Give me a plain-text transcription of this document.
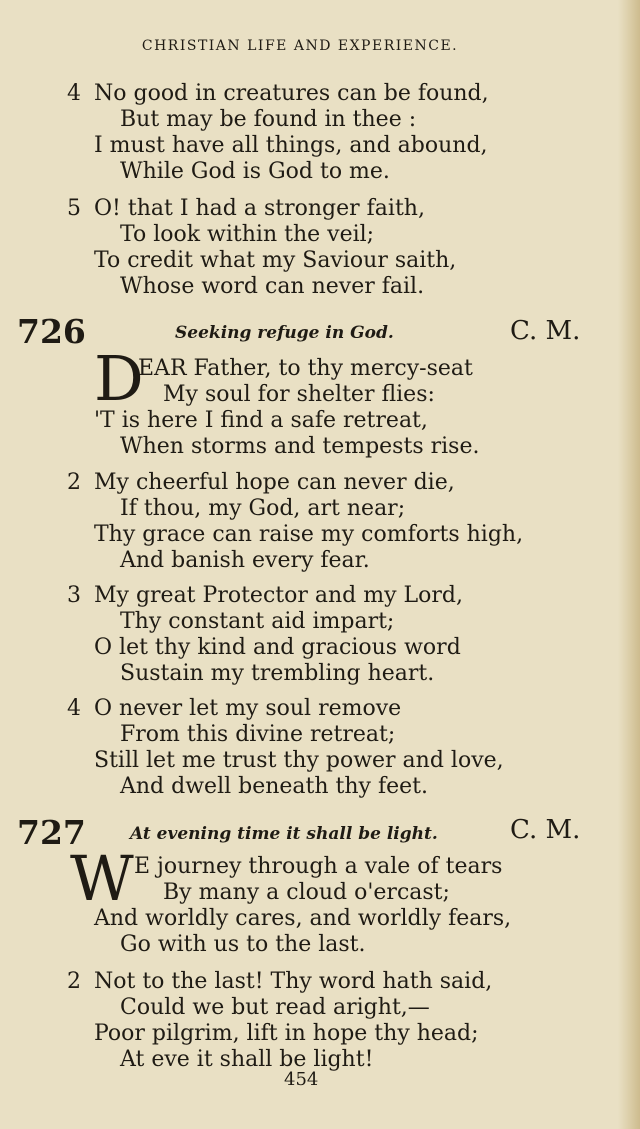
CHRISTIAN LIFE AND EXPERIENCE.
4 No good in creatures can be found,
But may be found in thee :
I must have all things, and abound,
While God is God to me.
5 O! that I had a stronger faith,
To look within the veil;
To credit what my Saviour saith,
Whose word can never fail.
726	Seeking refuge in God.	C. M.
D
EAR Father, to thy mercy-seat
My soul for shelter flies:
'T is here I find a safe retreat,
When storms and tempests rise.
2 My cheerful hope can never die,
If thou, my God, art near;
Thy grace can raise my comforts high,
And banish every fear.
3 My great Protector and my Lord,
Thy constant aid impart;
O let thy kind and gracious word
Sustain my trembling heart.
4 O never let my soul remove
From this divine retreat;
Still let me trust thy power and love,
And dwell beneath thy feet.
727	At evening time it shall be light.	C. M.
W E journey through a vale of tears
By many a cloud o'ercast;
And worldly cares, and worldly fears,
Go with us to the last.
2 Not to the last! Thy word hath said,
Could we but read aright,—
Poor pilgrim, lift in hope thy head;
At eve it shall be light!
454
